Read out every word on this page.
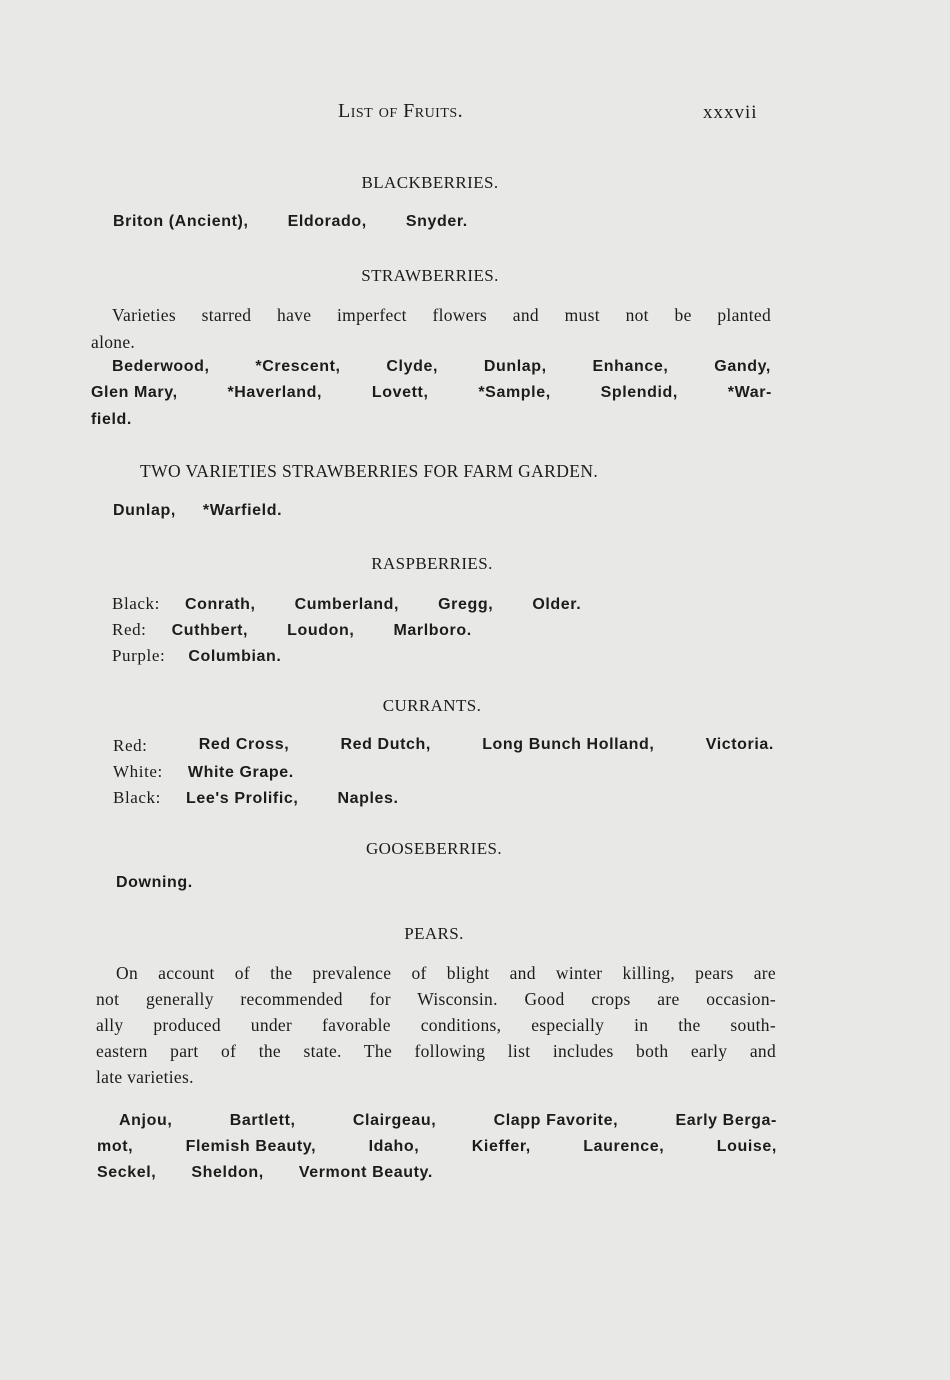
List of Fruits.	xxxvii
BLACKBERRIES.
Briton (Ancient), Eldorado, Snyder.
STRAWBERRIES.
Varieties starred have imperfect flowers and must not be planted
alone.
Bederwood,	*Crescent,	Clyde,	Dunlap,	Enhance,	Gandy,
Glen Mary,	*Haverland,	Lovett,	*Sample,	Splendid,	*War-
field.
TWO VARIETIES STRAWBERRIES FOR FARM GARDEN.
Dunlap, *Warfield.
RASPBERRIES.
Black: Conrath, Cumberland, Gregg, Older.
Red: Cuthbert, Loudon, Marlboro.
Purple: Columbian.
CURRANTS.
Red:	Red Cross,	Red Dutch,	Long Bunch Holland,	Victoria.
White: White Grape.
Black: Lee's Prolific, Naples.
GOOSEBERRIES.
Downing.
PEARS.
On account of the prevalence of blight and winter killing, pears are
not generally recommended for Wisconsin. Good crops are occasion-
ally produced under favorable conditions, especially in the south-
eastern part of the state. The following list includes both early and
late varieties.
Anjou,	Bartlett,	Clairgeau,	Clapp Favorite,	Early Berga-
mot,	Flemish Beauty,	Idaho,	Kieffer,	Laurence,	Louise,
Seckel, Sheldon, Vermont Beauty.
